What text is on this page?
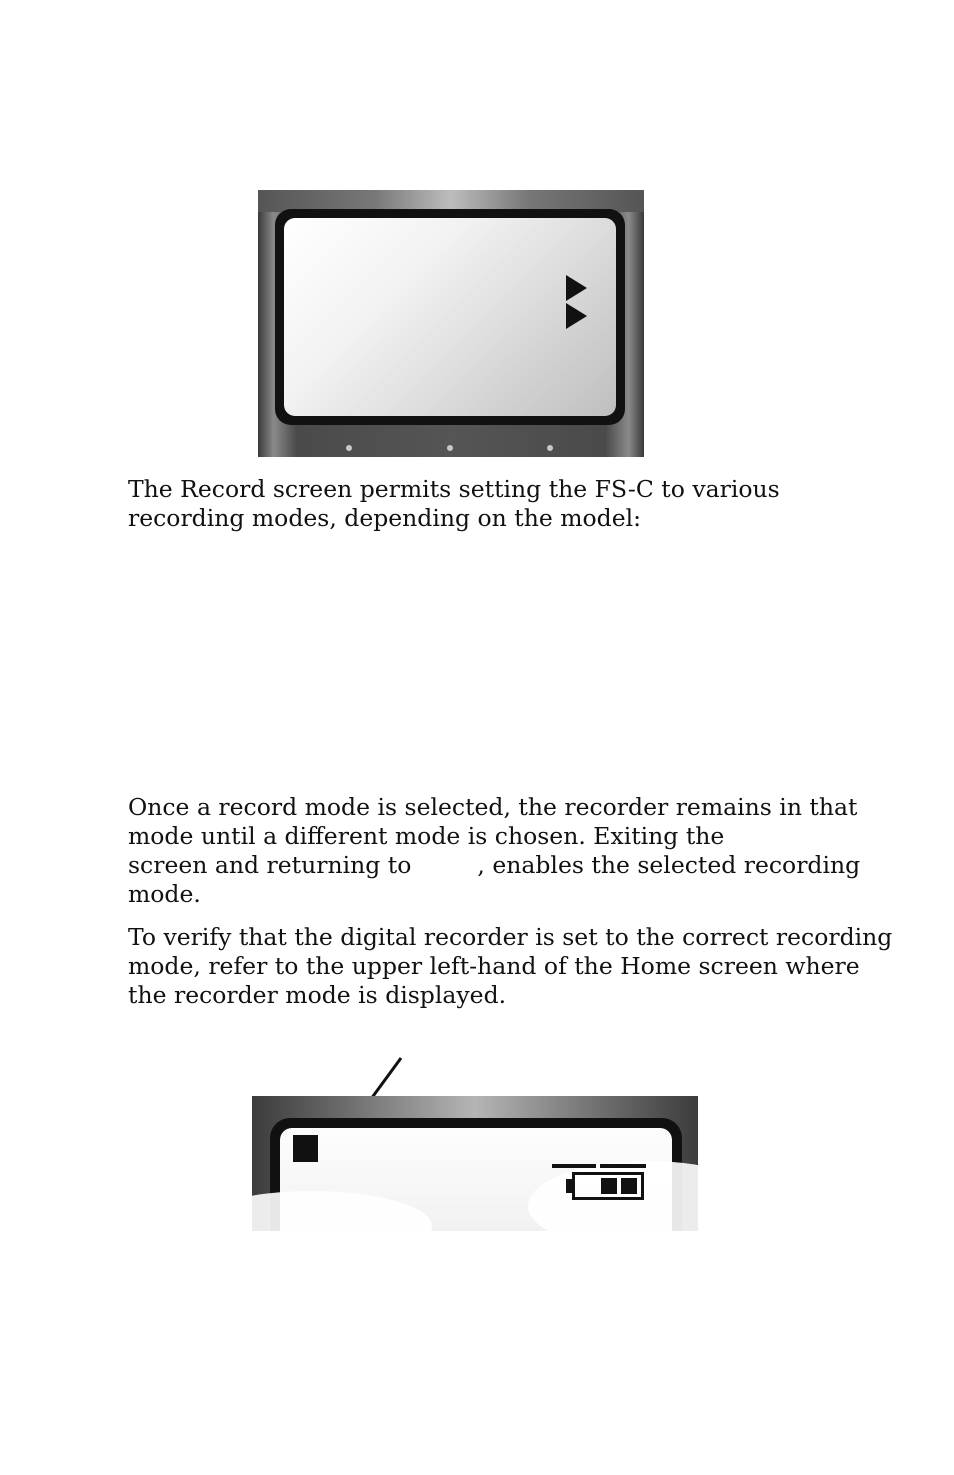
The Record screen permits setting the FS-C to various
recording modes, depending on the model:

Once a record mode is selected, the recorder remains in that
mode until a different mode is chosen. Exiting the
screen and returning to	, enables the selected recording
mode.

To verify that the digital recorder is set to the correct recording
mode, refer to the upper left-hand of the Home screen where
the recorder mode is displayed.
